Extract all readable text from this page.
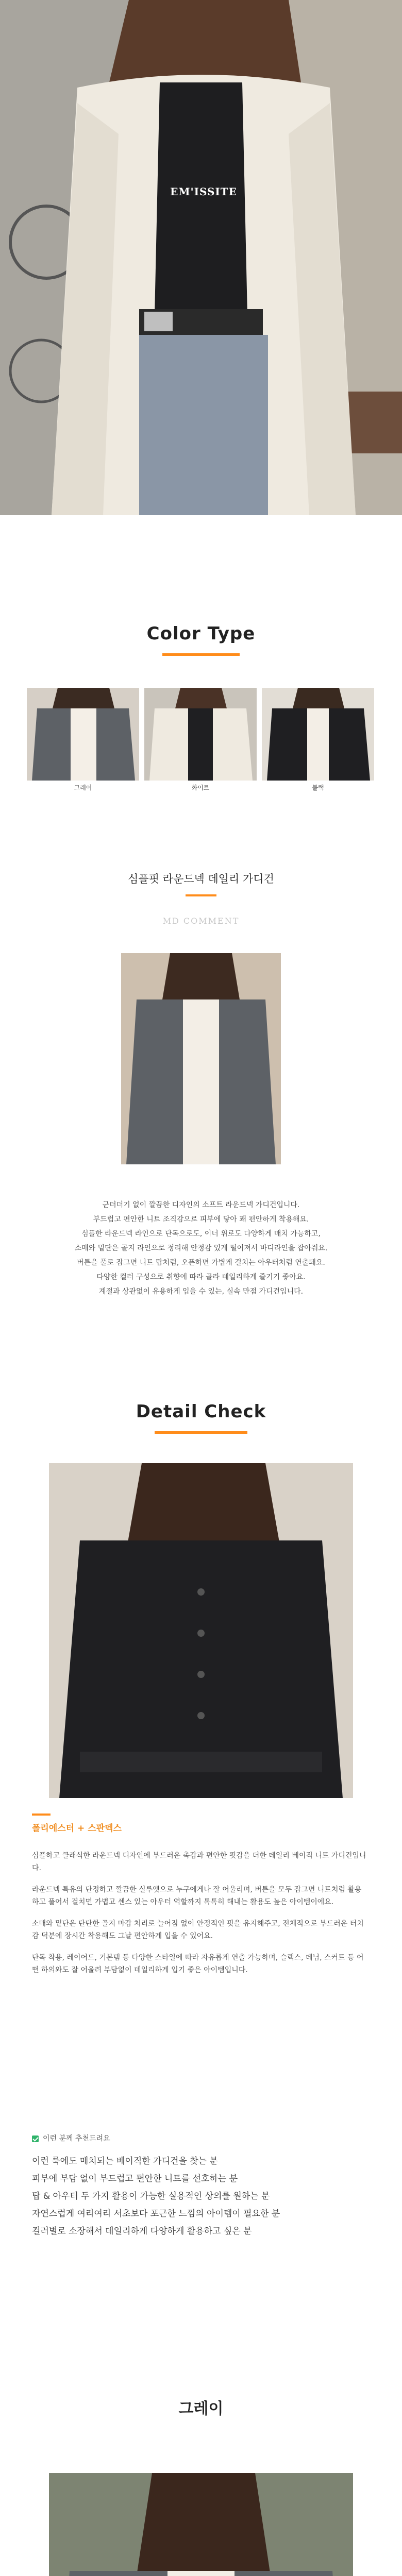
EM'ISSITE
Color Type
그레이	화이트	블랙
심플핏 라운드넥 데일리 가디건
MD COMMENT
군더더기 없이 깔끔한 디자인의 소프트 라운드넥 가디건입니다.
부드럽고 편안한 니트 조직감으로 피부에 닿아 꽤 편안하게 착용해요.
심플한 라운드넥 라인으로 단독으로도, 이너 위로도 다양하게 매치 가능하고,
소매와 밑단은 골지 라인으로 정리해 안정감 있게 떨어져서 바디라인을 잡아줘요.
버튼을 풀로 잠그면 니트 탑처럼, 오픈하면 가볍게 걸치는 아우터처럼 연출돼요.
다양한 컬러 구성으로 취향에 따라 골라 데일리하게 즐기기 좋아요.
계절과 상관없이 유용하게 입을 수 있는, 실속 만점 가디건입니다.
Detail Check
폴리에스터 + 스판덱스

심플하고 클래식한 라운드넥 디자인에 부드러운 촉감과 편안한 핏감을 더한 데일리 베이직 니트 가디건입니다.

라운드넥 특유의 단정하고 깔끔한 실루엣으로 누구에게나 잘 어울리며, 버튼을 모두 잠그면 니트처럼 활용하고 풀어서 걸치면 가볍고 센스 있는 아우터 역할까지 톡톡히 해내는 활용도 높은 아이템이에요.

소매와 밑단은 탄탄한 골지 마감 처리로 늘어짐 없이 안정적인 핏을 유지해주고, 전체적으로 부드러운 터치감 덕분에 장시간 착용해도 그날 편안하게 입을 수 있어요.

단독 착용, 레이어드, 기본템 등 다양한 스타일에 따라 자유롭게 연출 가능하며, 슬랙스, 데님, 스커트 등 어떤 하의와도 잘 어울려 부담없이 데일리하게 입기 좋은 아이템입니다.

이런 분께 추천드려요
이런 룩에도 매치되는 베이직한 가디건을 찾는 분
피부에 부담 없이 부드럽고 편안한 니트를 선호하는 분
탑 & 아우터 두 가지 활용이 가능한 실용적인 상의를 원하는 분
자연스럽게 여리여리 서초보다 포근한 느낌의 아이템이 필요한 분
컬러별로 소장해서 데일리하게 다양하게 활용하고 싶은 분
그레이
